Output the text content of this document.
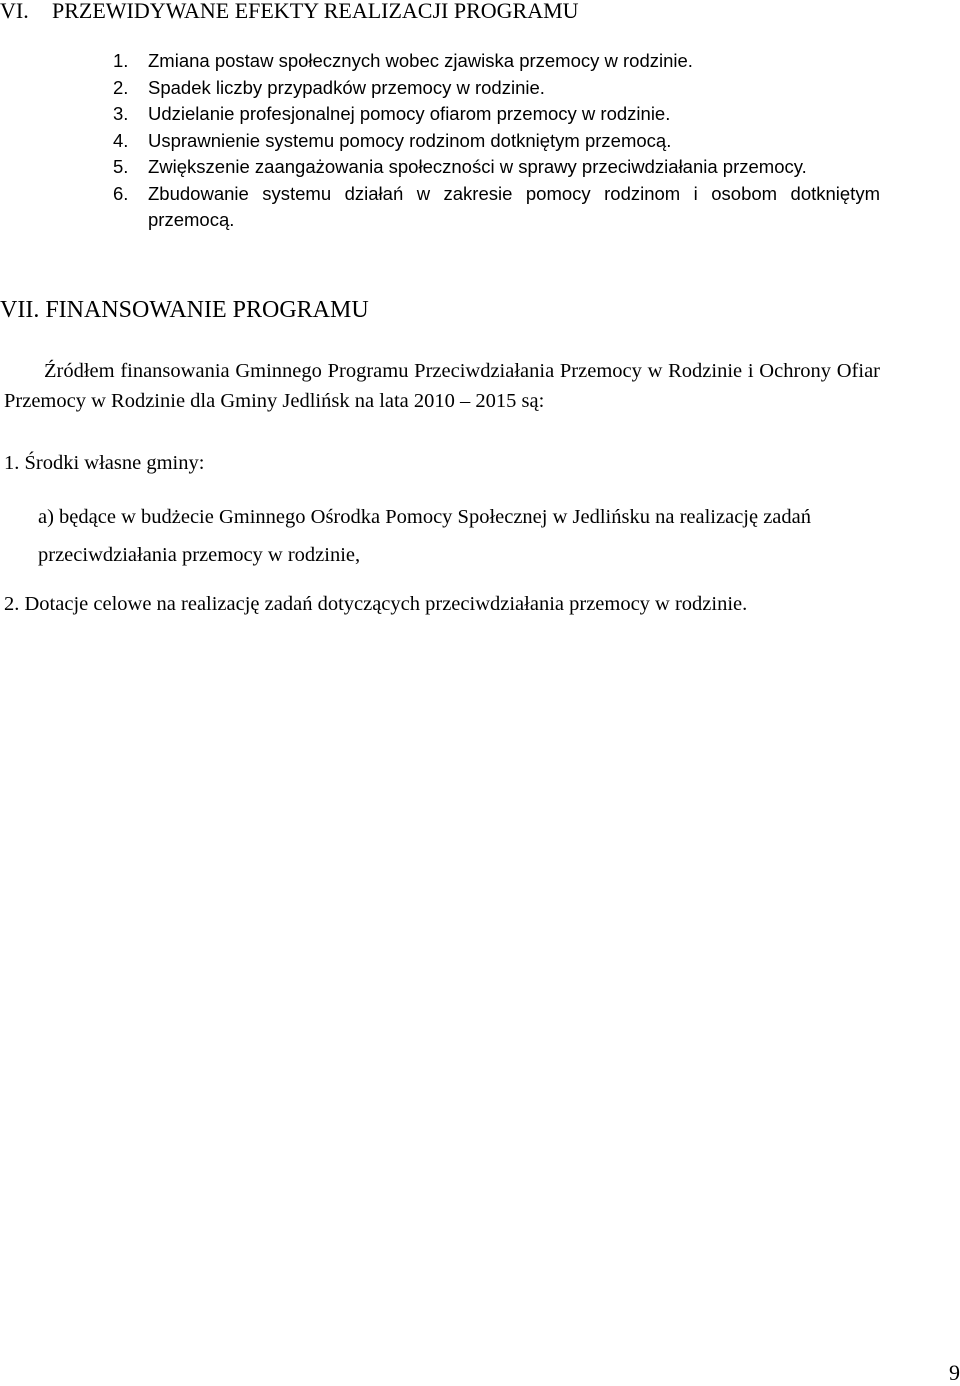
VI. PRZEWIDYWANE EFEKTY REALIZACJI PROGRAMU
1. Zmiana postaw społecznych wobec zjawiska przemocy w rodzinie.
2. Spadek liczby przypadków przemocy w rodzinie.
3. Udzielanie profesjonalnej pomocy ofiarom przemocy w rodzinie.
4. Usprawnienie systemu pomocy rodzinom dotkniętym przemocą.
5. Zwiększenie zaangażowania społeczności w sprawy przeciwdziałania przemocy.
6. Zbudowanie systemu działań w zakresie pomocy rodzinom i osobom dotkniętym przemocą.
VII. FINANSOWANIE PROGRAMU

Źródłem finansowania Gminnego Programu Przeciwdziałania Przemocy w Rodzinie i Ochrony Ofiar Przemocy w Rodzinie dla Gminy Jedlińsk na lata 2010 – 2015 są:

1. Środki własne gminy:

a) będące w budżecie Gminnego Ośrodka Pomocy Społecznej w Jedlińsku na realizację zadań przeciwdziałania przemocy w rodzinie,

2. Dotacje celowe na realizację zadań dotyczących przeciwdziałania przemocy w rodzinie.

9
